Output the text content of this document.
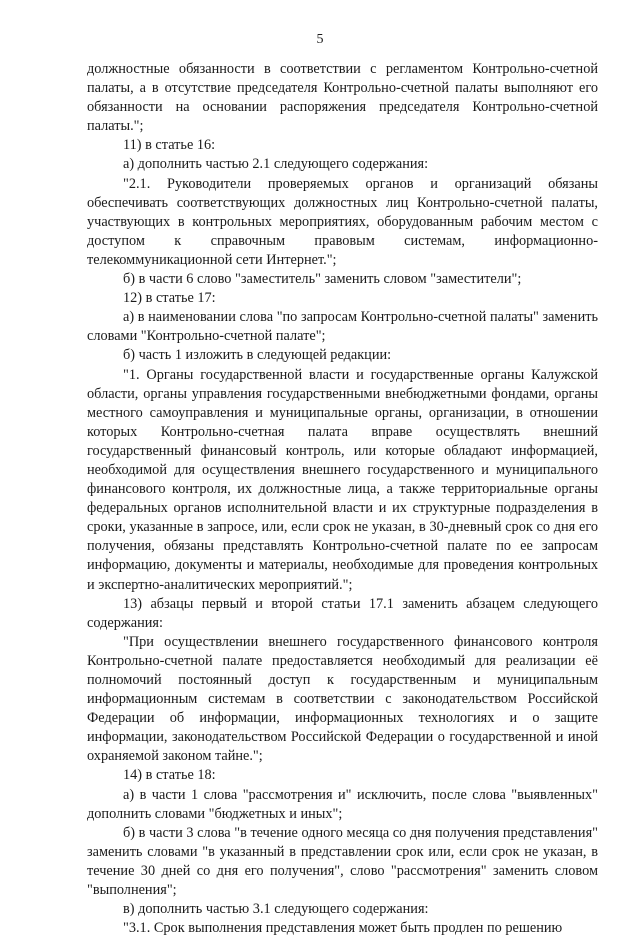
5

должностные обязанности в соответствии с регламентом Контрольно-счетной палаты, а в отсутствие председателя Контрольно-счетной палаты выполняют его обязанности на основании распоряжения председателя Контрольно-счетной палаты.";

11) в статье 16:

а) дополнить частью 2.1 следующего содержания:

"2.1. Руководители проверяемых органов и организаций обязаны обеспечивать соответствующих должностных лиц Контрольно-счетной палаты, участвующих в контрольных мероприятиях, оборудованным рабочим местом с доступом к справочным правовым системам, информационно-телекоммуникационной сети Интернет.";

б) в части 6 слово "заместитель" заменить словом "заместители";

12) в статье 17:

а) в наименовании слова "по запросам Контрольно-счетной палаты" заменить словами "Контрольно-счетной палате";

б) часть 1 изложить в следующей редакции:

"1. Органы государственной власти и государственные органы Калужской области, органы управления государственными внебюджетными фондами, органы местного самоуправления и муниципальные органы, организации, в отношении которых Контрольно-счетная палата вправе осуществлять внешний государственный финансовый контроль, или которые обладают информацией, необходимой для осуществления внешнего государственного и муниципального финансового контроля, их должностные лица, а также территориальные органы федеральных органов исполнительной власти и их структурные подразделения в сроки, указанные в запросе, или, если срок не указан, в 30-дневный срок со дня его получения, обязаны представлять Контрольно-счетной палате по ее запросам информацию, документы и материалы, необходимые для проведения контрольных и экспертно-аналитических мероприятий.";

13) абзацы первый и второй статьи 17.1 заменить абзацем следующего содержания:

"При осуществлении внешнего государственного финансового контроля Контрольно-счетной палате предоставляется необходимый для реализации её полномочий постоянный доступ к государственным и муниципальным информационным системам в соответствии с законодательством Российской Федерации об информации, информационных технологиях и о защите информации, законодательством Российской Федерации о государственной и иной охраняемой законом тайне.";

14) в статье 18:

а) в части 1 слова "рассмотрения и" исключить, после слова "выявленных" дополнить словами "бюджетных и иных";

б) в части 3 слова "в течение одного месяца со дня получения представления" заменить словами "в указанный в представлении срок или, если срок не указан, в течение 30 дней со дня его получения", слово "рассмотрения" заменить словом "выполнения";

в) дополнить частью 3.1 следующего содержания:

"3.1. Срок выполнения представления может быть продлен по решению
